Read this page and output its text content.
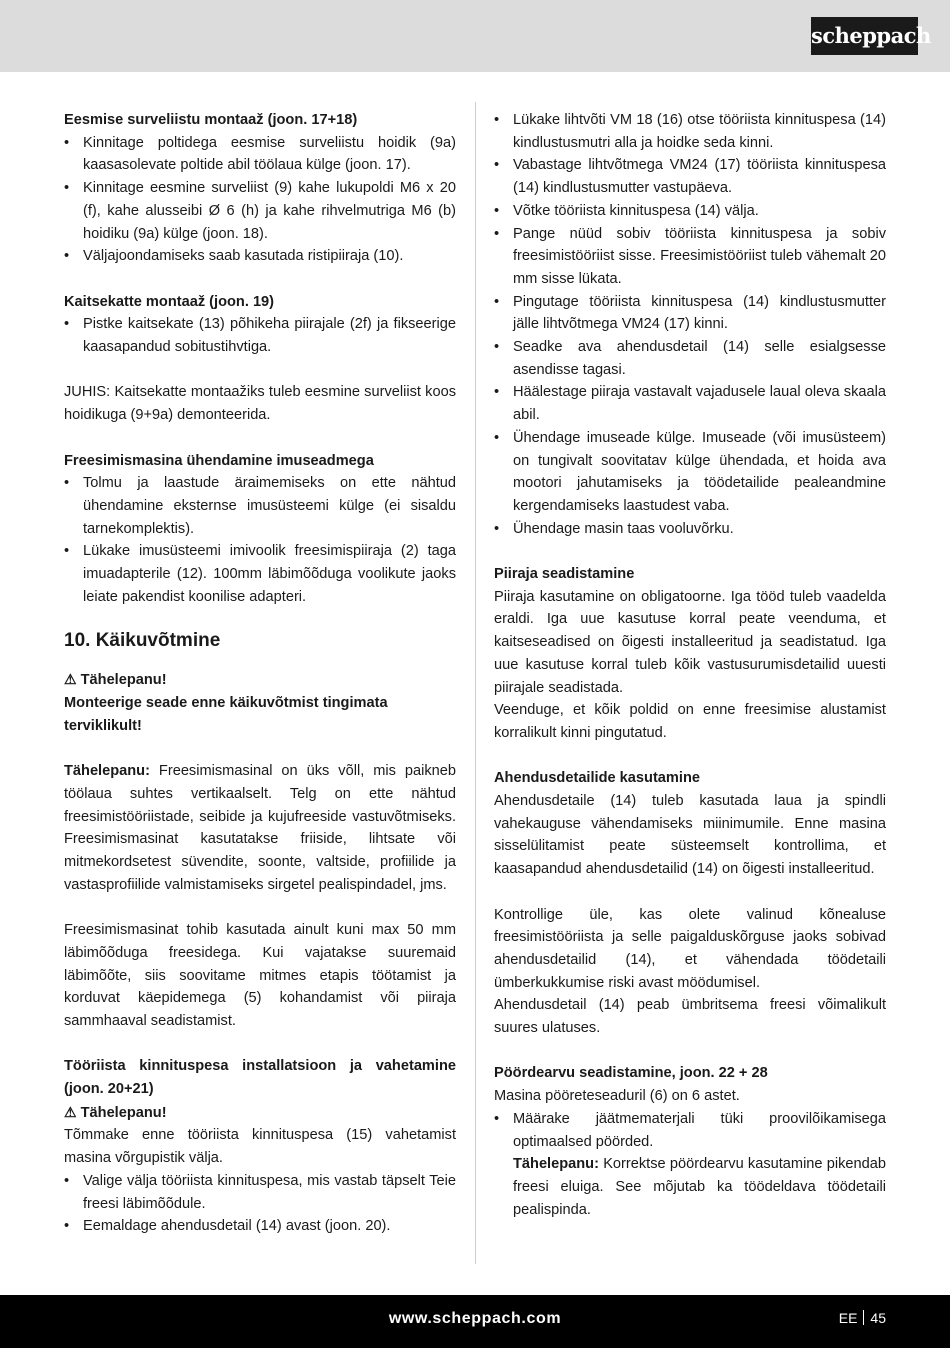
scheppach

Eesmise surveliistu montaaž (joon. 17+18)

• Kinnitage poltidega eesmise surveliistu hoidik (9a) kaasasolevate poltide abil töölaua külge (joon. 17).
• Kinnitage eesmine surveliist (9) kahe lukupoldi M6 x 20 (f), kahe alusseibi Ø 6 (h) ja kahe rihvelmutriga M6 (b) hoidiku (9a) külge (joon. 18).
• Väljajoondamiseks saab kasutada ristipiiraja (10).

Kaitsekatte montaaž (joon. 19)

• Pistke kaitsekate (13) põhikeha piirajale (2f) ja fikseerige kaasapandud sobitustihvtiga.

JUHIS: Kaitsekatte montaažiks tuleb eesmine surveliist koos hoidikuga (9+9a) demonteerida.

Freesimismasina ühendamine imuseadmega

• Tolmu ja laastude äraimemiseks on ette nähtud ühendamine eksternse imusüsteemi külge (ei sisaldu tarnekomplektis).
• Lükake imusüsteemi imivoolik freesimispiiraja (2) taga imuadapterile (12). 100mm läbimõõduga voolikute jaoks leiate pakendist koonilise adapteri.

10. Käikuvõtmine

⚠ Tähelepanu!

Monteerige seade enne käikuvõtmist tingimata terviklikult!

Tähelepanu: Freesimismasinal on üks võll, mis paikneb töölaua suhtes vertikaalselt. Telg on ette nähtud freesimistööriistade, seibide ja kujufreeside vastuvõtmiseks. Freesimismasinat kasutatakse friiside, lihtsate või mitmekordsetest süvendite, soonte, valtside, profiilide ja vastasprofiilide valmistamiseks sirgetel pealispindadel, jms.

Freesimismasinat tohib kasutada ainult kuni max 50 mm läbimõõduga freesidega. Kui vajatakse suuremaid läbimõõte, siis soovitame mitmes etapis töötamist ja korduvat käepidemega (5) kohandamist või piiraja sammhaaval seadistamist.

Tööriista kinnituspesa installatsioon ja vahetamine (joon. 20+21)

⚠ Tähelepanu!

Tõmmake enne tööriista kinnituspesa (15) vahetamist masina võrgupistik välja.

• Valige välja tööriista kinnituspesa, mis vastab täpselt Teie freesi läbimõõdule.
• Eemaldage ahendusdetail (14) avast (joon. 20).
• Lükake lihtvõti VM 18 (16) otse tööriista kinnituspesa (14) kindlustusmutri alla ja hoidke seda kinni.
• Vabastage lihtvõtmega VM24 (17) tööriista kinnituspesa (14) kindlustusmutter vastupäeva.
• Võtke tööriista kinnituspesa (14) välja.
• Pange nüüd sobiv tööriista kinnituspesa ja sobiv freesimistööriist sisse. Freesimistööriist tuleb vähemalt 20 mm sisse lükata.
• Pingutage tööriista kinnituspesa (14) kindlustusmutter jälle lihtvõtmega VM24 (17) kinni.
• Seadke ava ahendusdetail (14) selle esialgsesse asendisse tagasi.
• Häälestage piiraja vastavalt vajadusele laual oleva skaala abil.
• Ühendage imuseade külge. Imuseade (või imusüsteem) on tungivalt soovitatav külge ühendada, et hoida ava mootori jahutamiseks ja töödetailide pealeandmine kergendamiseks laastudest vaba.
• Ühendage masin taas vooluvõrku.

Piiraja seadistamine

Piiraja kasutamine on obligatoorne. Iga tööd tuleb vaadelda eraldi. Iga uue kasutuse korral peate veenduma, et kaitseseadised on õigesti installeeritud ja seadistatud. Iga uue kasutuse korral tuleb kõik vastusurumisdetailid uuesti piirajale seadistada.

Veenduge, et kõik poldid on enne freesimise alustamist korralikult kinni pingutatud.

Ahendusdetailide kasutamine

Ahendusdetaile (14) tuleb kasutada laua ja spindli vahekauguse vähendamiseks miinimumile. Enne masina sisselülitamist peate süsteemselt kontrollima, et kaasapandud ahendusdetailid (14) on õigesti installeeritud.

Kontrollige üle, kas olete valinud kõnealuse freesimistööriista ja selle paigalduskõrguse jaoks sobivad ahendusdetailid (14), et vähendada töödetaili ümberkukkumise riski avast möödumisel.

Ahendusdetail (14) peab ümbritsema freesi võimalikult suures ulatuses.

Pöördearvu seadistamine, joon. 22 + 28

Masina pööreteseaduril (6) on 6 astet.

• Määrake jäätmematerjali tüki proovilõikamisega optimaalsed pöörded.

Tähelepanu: Korrektse pöördearvu kasutamine pikendab freesi eluiga. See mõjutab ka töödeldava töödetaili pealispinda.

www.scheppach.com	EE 45
